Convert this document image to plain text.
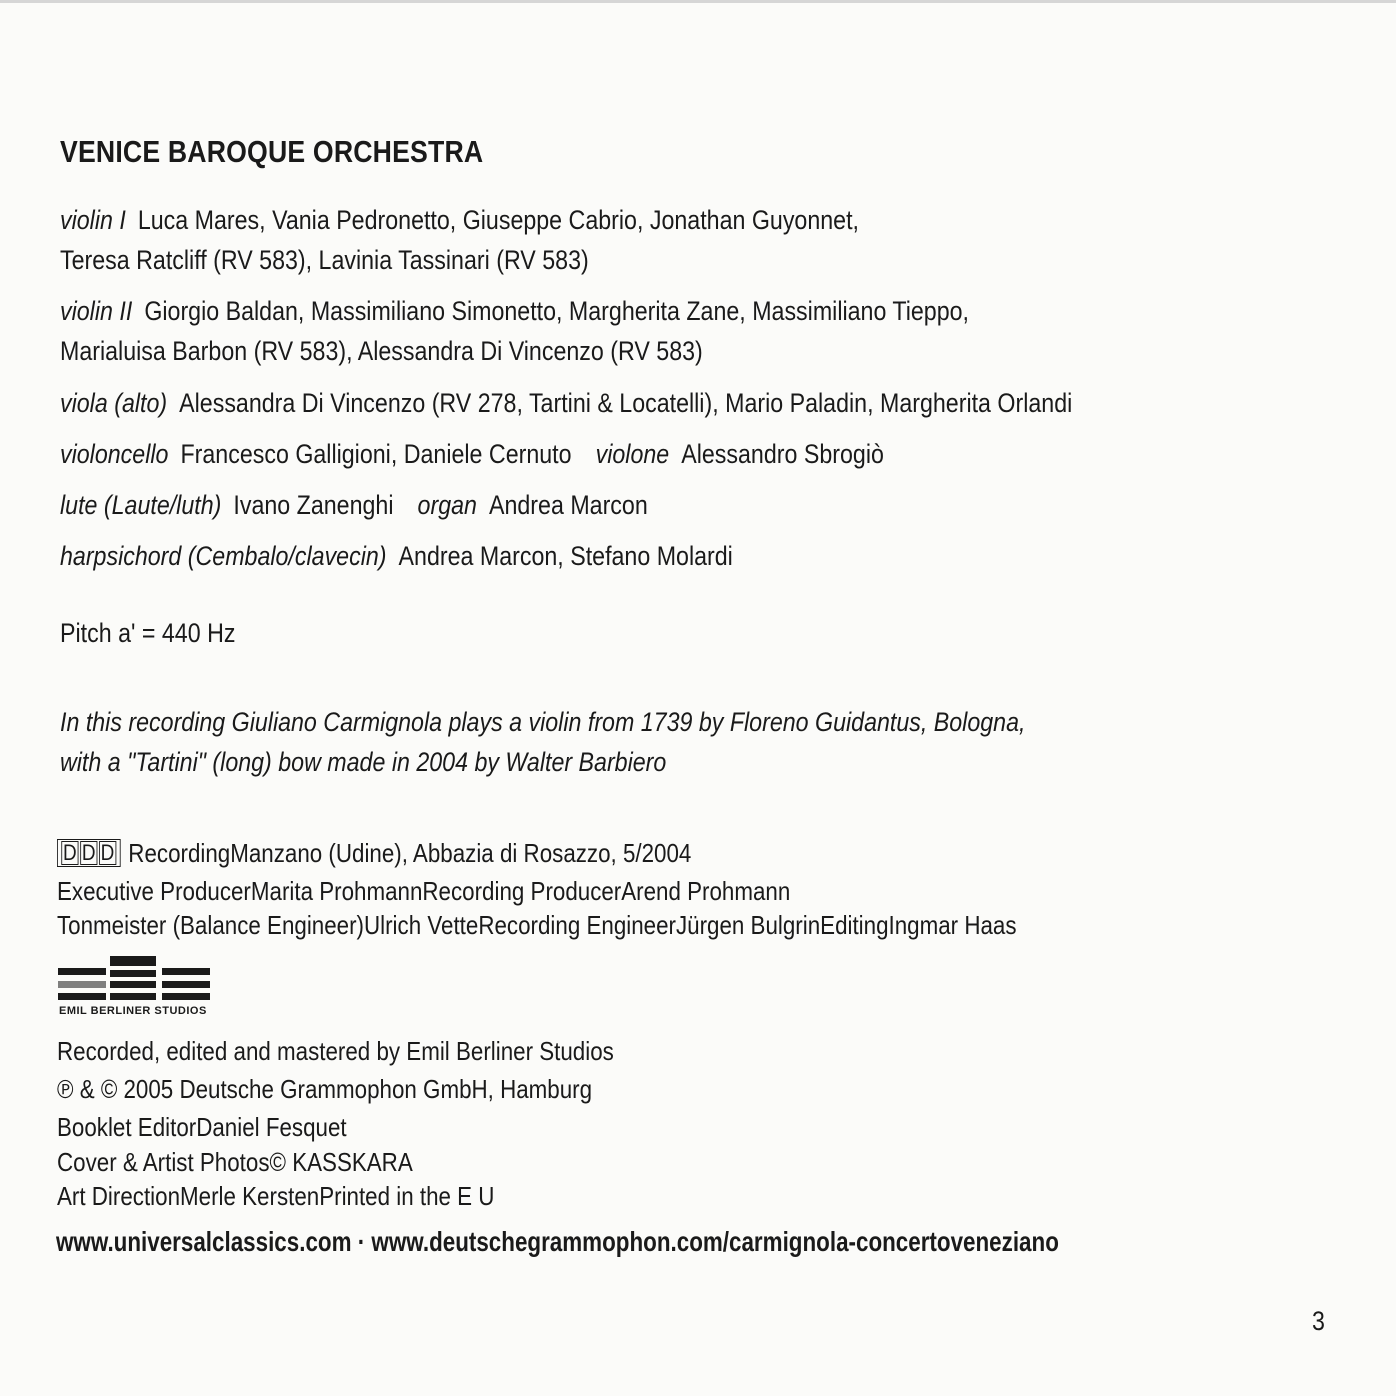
VENICE BAROQUE ORCHESTRA
violin I Luca Mares, Vania Pedronetto, Giuseppe Cabrio, Jonathan Guyonnet,
Teresa Ratcliff (RV 583), Lavinia Tassinari (RV 583)
violin II Giorgio Baldan, Massimiliano Simonetto, Margherita Zane, Massimiliano Tieppo,
Marialuisa Barbon (RV 583), Alessandra Di Vincenzo (RV 583)
viola (alto) Alessandra Di Vincenzo (RV 278, Tartini & Locatelli), Mario Paladin, Margherita Orlandi
violoncello Francesco Galligioni, Daniele Cernuto violone Alessandro Sbrogiò
lute (Laute/luth) Ivano Zanenghi organ Andrea Marcon
harpsichord (Cembalo/clavecin) Andrea Marcon, Stefano Molardi
Pitch a' = 440 Hz
In this recording Giuliano Carmignola plays a violin from 1739 by Floreno Guidantus, Bologna,
with a "Tartini" (long) bow made in 2004 by Walter Barbiero
D D D RecordingManzano (Udine), Abbazia di Rosazzo, 5/2004
Executive ProducerMarita ProhmannRecording ProducerArend Prohmann
Tonmeister (Balance Engineer)Ulrich VetteRecording EngineerJürgen BulgrinEditingIngmar Haas
EMIL BERLINER STUDIOS
Recorded, edited and mastered by Emil Berliner Studios
℗ & © 2005 Deutsche Grammophon GmbH, Hamburg
Booklet EditorDaniel Fesquet
Cover & Artist Photos© KASSKARA
Art DirectionMerle KerstenPrinted in the E U
www.universalclassics.com · www.deutschegrammophon.com/carmignola-concertoveneziano
3
